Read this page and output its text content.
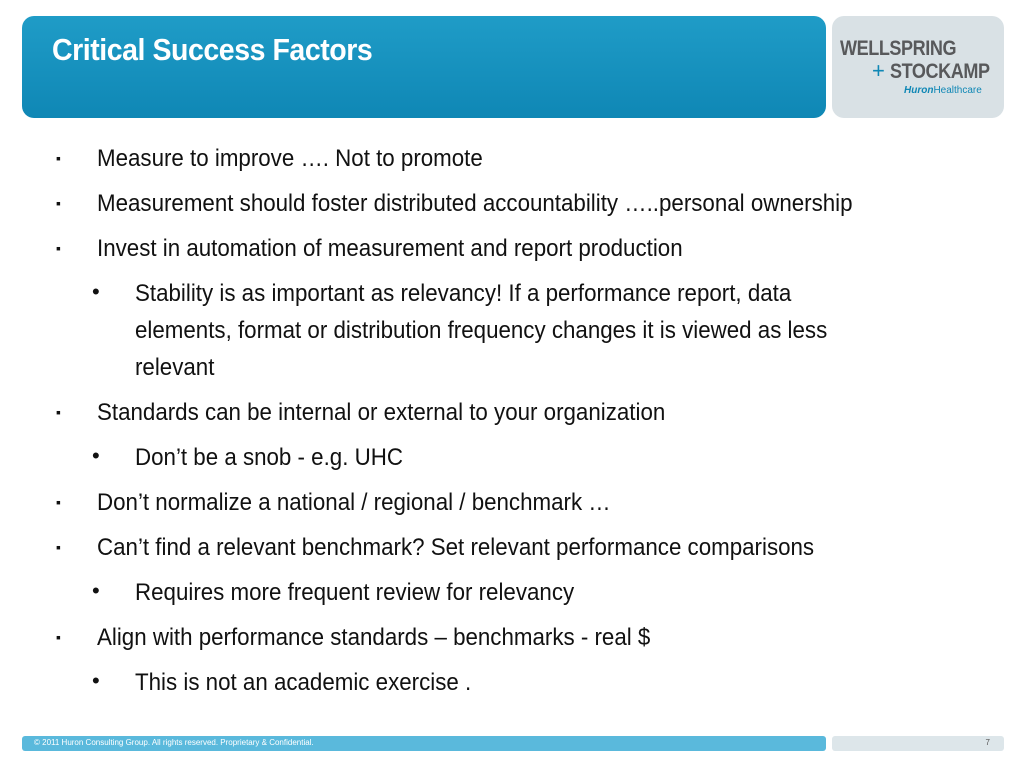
Critical Success Factors	WELLSPRING
+ STOCKAMP
HuronHealthcare
▪ Measure to improve …. Not to promote
▪ Measurement should foster distributed accountability …..personal ownership
▪ Invest in automation of measurement and report production
• Stability is as important as relevancy! If a performance report, data
elements, format or distribution frequency changes it is viewed as less
relevant
▪ Standards can be internal or external to your organization
• Don’t be a snob - e.g. UHC
▪ Don’t normalize a national / regional / benchmark …
▪ Can’t find a relevant benchmark? Set relevant performance comparisons
• Requires more frequent review for relevancy
▪ Align with performance standards – benchmarks - real $
• This is not an academic exercise .
© 2011 Huron Consulting Group. All rights reserved. Proprietary & Confidential.	7
